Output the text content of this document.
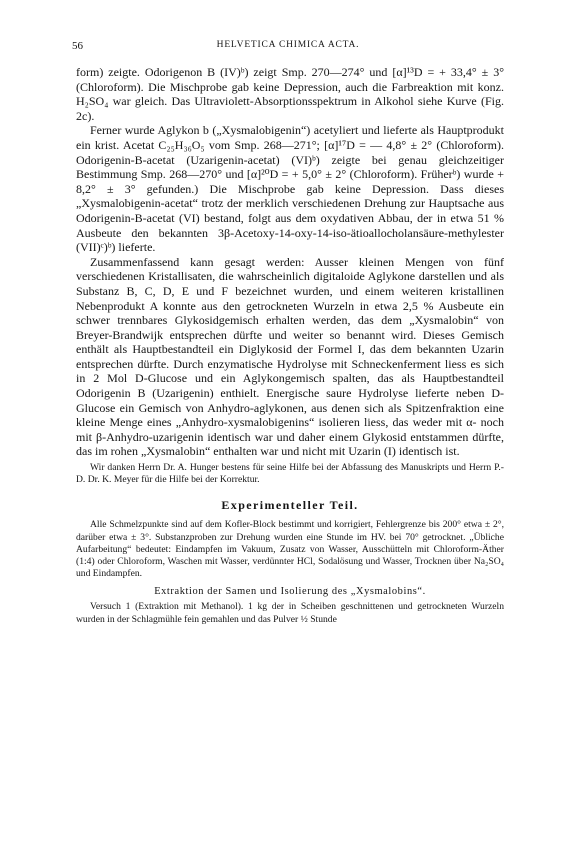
56	HELVETICA CHIMICA ACTA.

form) zeigte. Odorigenon B (IV)ᵇ) zeigt Smp. 270—274° und [α]¹³D = + 33,4° ± 3° (Chloroform). Die Mischprobe gab keine Depression, auch die Farbreaktion mit konz. H₂SO₄ war gleich. Das Ultraviolett-Absorptionsspektrum in Alkohol siehe Kurve (Fig. 2c).

Ferner wurde Aglykon b („Xysmalobigenin“) acetyliert und lieferte als Hauptprodukt ein krist. Acetat C₂₅H₃₆O₅ vom Smp. 268—271°; [α]¹⁷D = — 4,8° ± 2° (Chloroform). Odorigenin-B-acetat (Uzarigenin-acetat) (VI)ᵇ) zeigte bei genau gleichzeitiger Bestimmung Smp. 268—270° und [α]²⁰D = + 5,0° ± 2° (Chloroform). Früherᵇ) wurde + 8,2° ± 3° gefunden.) Die Mischprobe gab keine Depression. Dass dieses „Xysmalobigenin-acetat“ trotz der merklich verschiedenen Drehung zur Hauptsache aus Odorigenin-B-acetat (VI) bestand, folgt aus dem oxydativen Abbau, der in etwa 51 % Ausbeute den bekannten 3β-Acetoxy-14-oxy-14-iso-ätioallocholansäure-methylester (VII)ᶜ)ᵇ) lieferte.

Zusammenfassend kann gesagt werden: Ausser kleinen Mengen von fünf verschiedenen Kristallisaten, die wahrscheinlich digitaloide Aglykone darstellen und als Substanz B, C, D, E und F bezeichnet wurden, und einem weiteren kristallinen Nebenprodukt A konnte aus den getrockneten Wurzeln in etwa 2,5 % Ausbeute ein schwer trennbares Glykosidgemisch erhalten werden, das dem „Xysmalobin“ von Breyer-Brandwijk entsprechen dürfte und weiter so benannt wird. Dieses Gemisch enthält als Hauptbestandteil ein Diglykosid der Formel I, das dem bekannten Uzarin entsprechen dürfte. Durch enzymatische Hydrolyse mit Schneckenferment liess es sich in 2 Mol D-Glucose und ein Aglykongemisch spalten, das als Hauptbestandteil Odorigenin B (Uzarigenin) enthielt. Energische saure Hydrolyse lieferte neben D-Glucose ein Gemisch von Anhydro-aglykonen, aus denen sich als Spitzenfraktion eine kleine Menge eines „Anhydro-xysmalobigenins“ isolieren liess, das weder mit α- noch mit β-Anhydro-uzarigenin identisch war und daher einem Glykosid entstammen dürfte, das im rohen „Xysmalobin“ enthalten war und nicht mit Uzarin (I) identisch ist.

Wir danken Herrn Dr. A. Hunger bestens für seine Hilfe bei der Abfassung des Manuskripts und Herrn P.-D. Dr. K. Meyer für die Hilfe bei der Korrektur.

Experimenteller Teil.

Alle Schmelzpunkte sind auf dem Kofler-Block bestimmt und korrigiert, Fehlergrenze bis 200° etwa ± 2°, darüber etwa ± 3°. Substanzproben zur Drehung wurden eine Stunde im HV. bei 70° getrocknet. „Übliche Aufarbeitung“ bedeutet: Eindampfen im Vakuum, Zusatz von Wasser, Ausschütteln mit Chloroform-Äther (1:4) oder Chloroform, Waschen mit Wasser, verdünnter HCl, Sodalösung und Wasser, Trocknen über Na₂SO₄ und Eindampfen.

Extraktion der Samen und Isolierung des „Xysmalobins“.

Versuch 1 (Extraktion mit Methanol). 1 kg der in Scheiben geschnittenen und getrockneten Wurzeln wurden in der Schlagmühle fein gemahlen und das Pulver ½ Stunde
